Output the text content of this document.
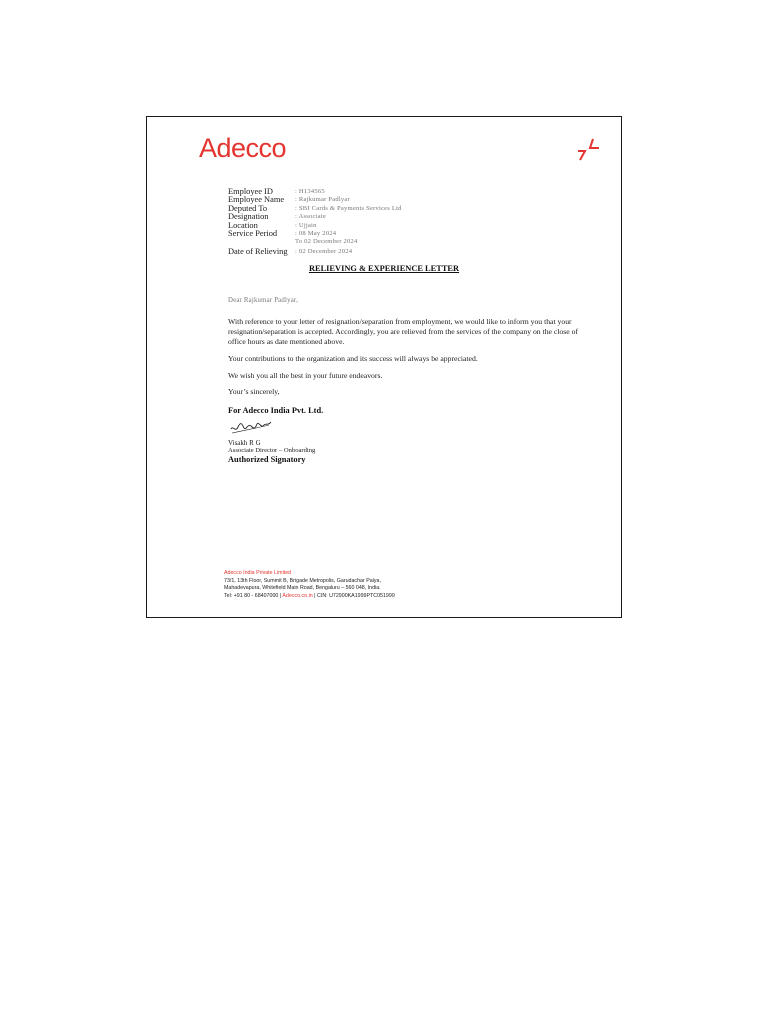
Adecco
Employee ID	: H134565
Employee Name	: Rajkumar Padlyar
Deputed To	: SBI Cards & Payments Services Ltd
Designation	: Associate
Location	: Ujjain
Service Period	: 08 May 2024
To 02 December 2024
Date of Relieving	: 02 December 2024
RELIEVING & EXPERIENCE LETTER
Dear Rajkumar Padlyar,

With reference to your letter of resignation/separation from employment, we would like to inform you that your resignation/separation is accepted. Accordingly, you are relieved from the services of the company on the close of office hours as date mentioned above.

Your contributions to the organization and its success will always be appreciated.

We wish you all the best in your future endeavors.

Your’s sincerely,
For Adecco India Pvt. Ltd.
Visakh R G
Associate Director – Onboarding
Authorized Signatory
Adecco India Private Limited
73/1, 13th Floor, Summit B, Brigade Metropolis, Garudachar Palya,
Mahadevapura, Whitefield Main Road, Bengaluru – 560 048, India.
Tel: +91 80 - 68407000 | Adecco.co.in | CIN: U72900KA1999PTC051999
